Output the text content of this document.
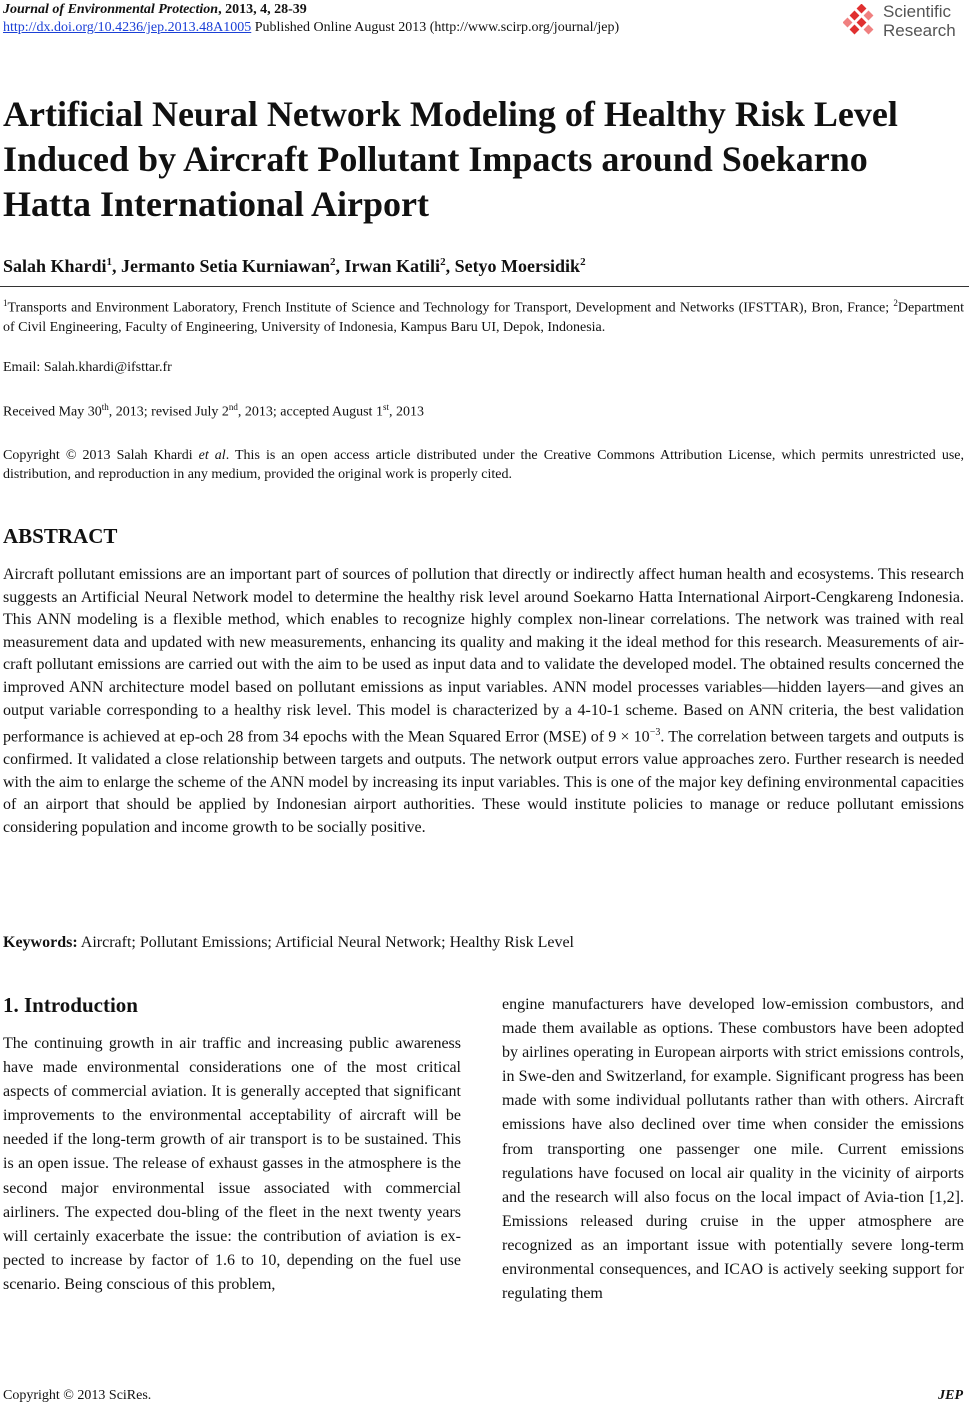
Journal of Environmental Protection, 2013, 4, 28-39
http://dx.doi.org/10.4236/jep.2013.48A1005 Published Online August 2013 (http://www.scirp.org/journal/jep)
Scientific
Research
Artificial Neural Network Modeling of Healthy Risk Level Induced by Aircraft Pollutant Impacts around Soekarno Hatta International Airport
Salah Khardi$^1$, Jermanto Setia Kurniawan$^2$, Irwan Katili$^2$, Setyo Moersidik$^2$
$^1$Transports and Environment Laboratory, French Institute of Science and Technology for Transport, Development and Networks (IFSTTAR), Bron, France; $^2$Department of Civil Engineering, Faculty of Engineering, University of Indonesia, Kampus Baru UI, Depok, Indonesia.
Email: Salah.khardi@ifsttar.fr
Received May 30th, 2013; revised July 2nd, 2013; accepted August 1st, 2013
Copyright © 2013 Salah Khardi et al. This is an open access article distributed under the Creative Commons Attribution License, which permits unrestricted use, distribution, and reproduction in any medium, provided the original work is properly cited.
ABSTRACT
Aircraft pollutant emissions are an important part of sources of pollution that directly or indirectly affect human health and ecosystems. This research suggests an Artificial Neural Network model to determine the healthy risk level around Soekarno Hatta International Airport-Cengkareng Indonesia. This ANN modeling is a flexible method, which enables to recognize highly complex non-linear correlations. The network was trained with real measurement data and updated with new measurements, enhancing its quality and making it the ideal method for this research. Measurements of air-craft pollutant emissions are carried out with the aim to be used as input data and to validate the developed model. The obtained results concerned the improved ANN architecture model based on pollutant emissions as input variables. ANN model processes variables—hidden layers—and gives an output variable corresponding to a healthy risk level. This model is characterized by a 4-10-1 scheme. Based on ANN criteria, the best validation performance is achieved at ep-och 28 from 34 epochs with the Mean Squared Error (MSE) of $9 \times 10^{-3}$. The correlation between targets and outputs is confirmed. It validated a close relationship between targets and outputs. The network output errors value approaches zero. Further research is needed with the aim to enlarge the scheme of the ANN model by increasing its input variables. This is one of the major key defining environmental capacities of an airport that should be applied by Indonesian airport authorities. These would institute policies to manage or reduce pollutant emissions considering population and income growth to be socially positive.
Keywords: Aircraft; Pollutant Emissions; Artificial Neural Network; Healthy Risk Level
1. Introduction
The continuing growth in air traffic and increasing public awareness have made environmental considerations one of the most critical aspects of commercial aviation. It is generally accepted that significant improvements to the environmental acceptability of aircraft will be needed if the long-term growth of air transport is to be sustained. This is an open issue. The release of exhaust gasses in the atmosphere is the second major environmental issue associated with commercial airliners. The expected dou-bling of the fleet in the next twenty years will certainly exacerbate the issue: the contribution of aviation is ex-pected to increase by factor of 1.6 to 10, depending on the fuel use scenario. Being conscious of this problem,
engine manufacturers have developed low-emission combustors, and made them available as options. These combustors have been adopted by airlines operating in European airports with strict emissions controls, in Swe-den and Switzerland, for example. Significant progress has been made with some individual pollutants rather than with others. Aircraft emissions have also declined over time when consider the emissions from transporting one passenger one mile. Current emissions regulations have focused on local air quality in the vicinity of airports and the research will also focus on the local impact of Avia-tion [1,2]. Emissions released during cruise in the upper atmosphere are recognized as an important issue with potentially severe long-term environmental consequences, and ICAO is actively seeking support for regulating them
Copyright © 2013 SciRes.	JEP
